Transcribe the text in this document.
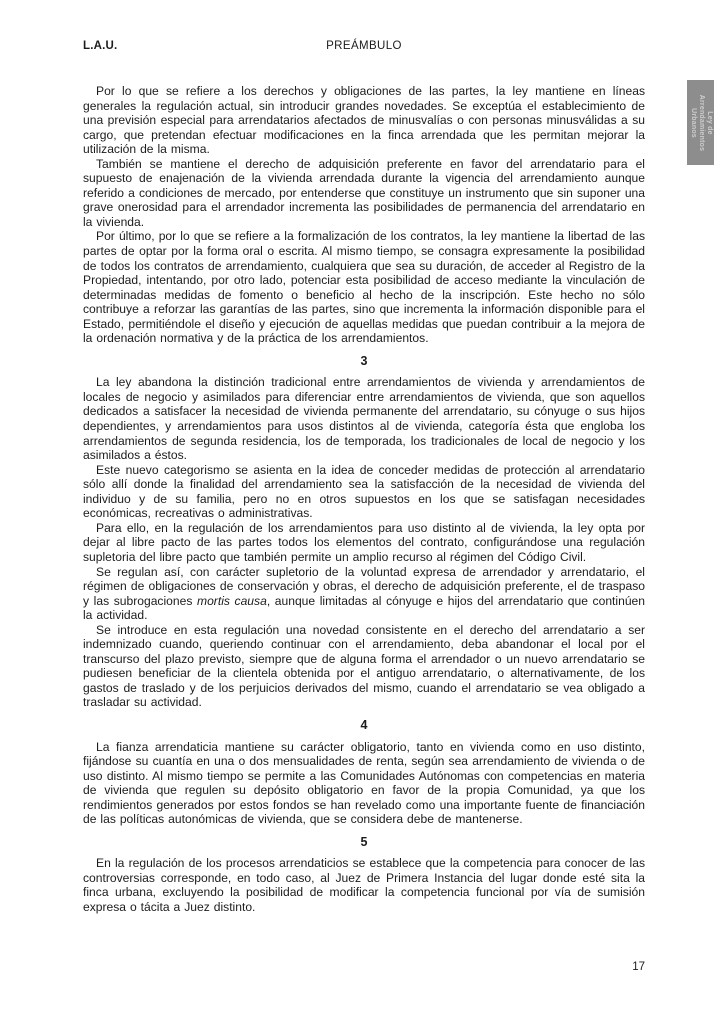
L.A.U.	PREÁMBULO
Ley de
Arrendamientos
Urbanos

Por lo que se refiere a los derechos y obligaciones de las partes, la ley mantiene en líneas generales la regulación actual, sin introducir grandes novedades. Se exceptúa el establecimiento de una previsión especial para arrendatarios afectados de minusvalías o con personas minusválidas a su cargo, que pretendan efectuar modificaciones en la finca arrendada que les permitan mejorar la utilización de la misma.

También se mantiene el derecho de adquisición preferente en favor del arrendatario para el supuesto de enajenación de la vivienda arrendada durante la vigencia del arrendamiento aunque referido a condiciones de mercado, por entenderse que constituye un instrumento que sin suponer una grave onerosidad para el arrendador incrementa las posibilidades de permanencia del arrendatario en la vivienda.

Por último, por lo que se refiere a la formalización de los contratos, la ley mantiene la libertad de las partes de optar por la forma oral o escrita. Al mismo tiempo, se consagra expresamente la posibilidad de todos los contratos de arrendamiento, cualquiera que sea su duración, de acceder al Registro de la Propiedad, intentando, por otro lado, potenciar esta posibilidad de acceso mediante la vinculación de determinadas medidas de fomento o beneficio al hecho de la inscripción. Este hecho no sólo contribuye a reforzar las garantías de las partes, sino que incrementa la información disponible para el Estado, permitiéndole el diseño y ejecución de aquellas medidas que puedan contribuir a la mejora de la ordenación normativa y de la práctica de los arrendamientos.

3

La ley abandona la distinción tradicional entre arrendamientos de vivienda y arrendamientos de locales de negocio y asimilados para diferenciar entre arrendamientos de vivienda, que son aquellos dedicados a satisfacer la necesidad de vivienda permanente del arrendatario, su cónyuge o sus hijos dependientes, y arrendamientos para usos distintos al de vivienda, categoría ésta que engloba los arrendamientos de segunda residencia, los de temporada, los tradicionales de local de negocio y los asimilados a éstos.

Este nuevo categorismo se asienta en la idea de conceder medidas de protección al arrendatario sólo allí donde la finalidad del arrendamiento sea la satisfacción de la necesidad de vivienda del individuo y de su familia, pero no en otros supuestos en los que se satisfagan necesidades económicas, recreativas o administrativas.

Para ello, en la regulación de los arrendamientos para uso distinto al de vivienda, la ley opta por dejar al libre pacto de las partes todos los elementos del contrato, configurándose una regulación supletoria del libre pacto que también permite un amplio recurso al régimen del Código Civil.

Se regulan así, con carácter supletorio de la voluntad expresa de arrendador y arrendatario, el régimen de obligaciones de conservación y obras, el derecho de adquisición preferente, el de traspaso y las subrogaciones mortis causa, aunque limitadas al cónyuge e hijos del arrendatario que continúen la actividad.

Se introduce en esta regulación una novedad consistente en el derecho del arrendatario a ser indemnizado cuando, queriendo continuar con el arrendamiento, deba abandonar el local por el transcurso del plazo previsto, siempre que de alguna forma el arrendador o un nuevo arrendatario se pudiesen beneficiar de la clientela obtenida por el antiguo arrendatario, o alternativamente, de los gastos de traslado y de los perjuicios derivados del mismo, cuando el arrendatario se vea obligado a trasladar su actividad.

4

La fianza arrendaticia mantiene su carácter obligatorio, tanto en vivienda como en uso distinto, fijándose su cuantía en una o dos mensualidades de renta, según sea arrendamiento de vivienda o de uso distinto. Al mismo tiempo se permite a las Comunidades Autónomas con competencias en materia de vivienda que regulen su depósito obligatorio en favor de la propia Comunidad, ya que los rendimientos generados por estos fondos se han revelado como una importante fuente de financiación de las políticas autonómicas de vivienda, que se considera debe de mantenerse.

5

En la regulación de los procesos arrendaticios se establece que la competencia para conocer de las controversias corresponde, en todo caso, al Juez de Primera Instancia del lugar donde esté sita la finca urbana, excluyendo la posibilidad de modificar la competencia funcional por vía de sumisión expresa o tácita a Juez distinto.

17
